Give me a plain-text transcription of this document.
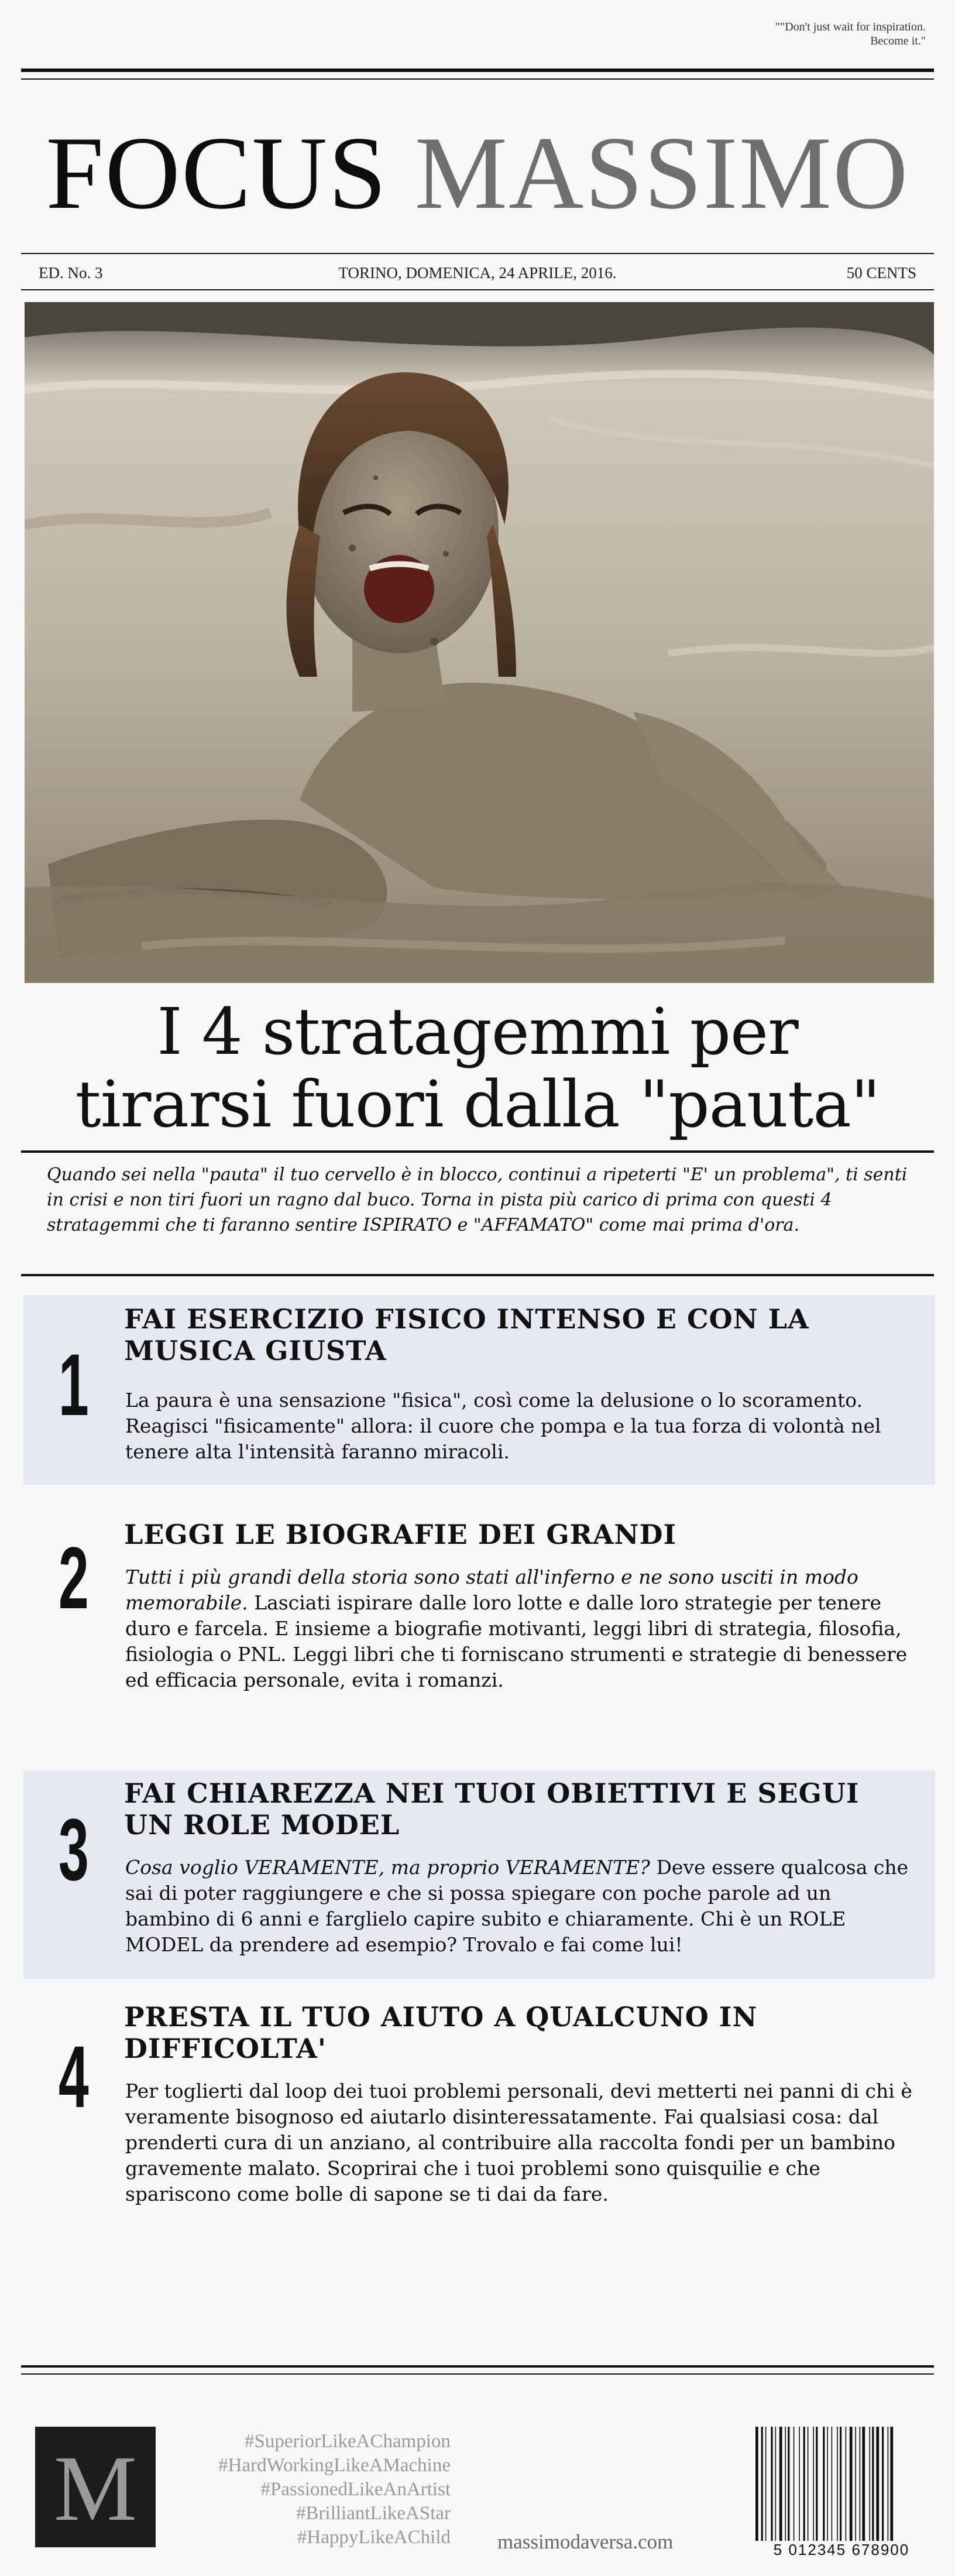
""Don't just wait for inspiration.
Become it."
FOCUS MASSIMO
TORINO, DOMENICA, 24 APRILE, 2016.
ED. No. 3	50 CENTS
I 4 stratagemmi per
tirarsi fuori dalla "pauta"
Quando sei nella "pauta" il tuo cervello è in blocco, continui a ripeterti "E' un problema", ti senti in crisi e non tiri fuori un ragno dal buco. Torna in pista più carico di prima con questi 4 stratagemmi che ti faranno sentire ISPIRATO e "AFFAMATO" come mai prima d'ora.
1
FAI ESERCIZIO FISICO INTENSO E CON LA MUSICA GIUSTA
La paura è una sensazione "fisica", così come la delusione o lo scoramento. Reagisci "fisicamente" allora: il cuore che pompa e la tua forza di volontà nel tenere alta l'intensità faranno miracoli.
2 LEGGI LE BIOGRAFIE DEI GRANDI
Tutti i più grandi della storia sono stati all'inferno e ne sono usciti in modo memorabile. Lasciati ispirare dalle loro lotte e dalle loro strategie per tenere duro e farcela. E insieme a biografie motivanti, leggi libri di strategia, filosofia, fisiologia o PNL. Leggi libri che ti forniscano strumenti e strategie di benessere ed efficacia personale, evita i romanzi.
3
FAI CHIAREZZA NEI TUOI OBIETTIVI E SEGUI UN ROLE MODEL
Cosa voglio VERAMENTE, ma proprio VERAMENTE? Deve essere qualcosa che sai di poter raggiungere e che si possa spiegare con poche parole ad un bambino di 6 anni e farglielo capire subito e chiaramente. Chi è un ROLE MODEL da prendere ad esempio? Trovalo e fai come lui!
4
PRESTA IL TUO AIUTO A QUALCUNO IN DIFFICOLTA'
Per toglierti dal loop dei tuoi problemi personali, devi metterti nei panni di chi è veramente bisognoso ed aiutarlo disinteressatamente. Fai qualsiasi cosa: dal prenderti cura di un anziano, al contribuire alla raccolta fondi per un bambino gravemente malato. Scoprirai che i tuoi problemi sono quisquilie e che spariscono come bolle di sapone se ti dai da fare.
M	#SuperiorLikeAChampion
#HardWorkingLikeAMachine
#PassionedLikeAnArtist
#BrilliantLikeAStar
#HappyLikeAChild massimodaversa.com	5 012345 678900
